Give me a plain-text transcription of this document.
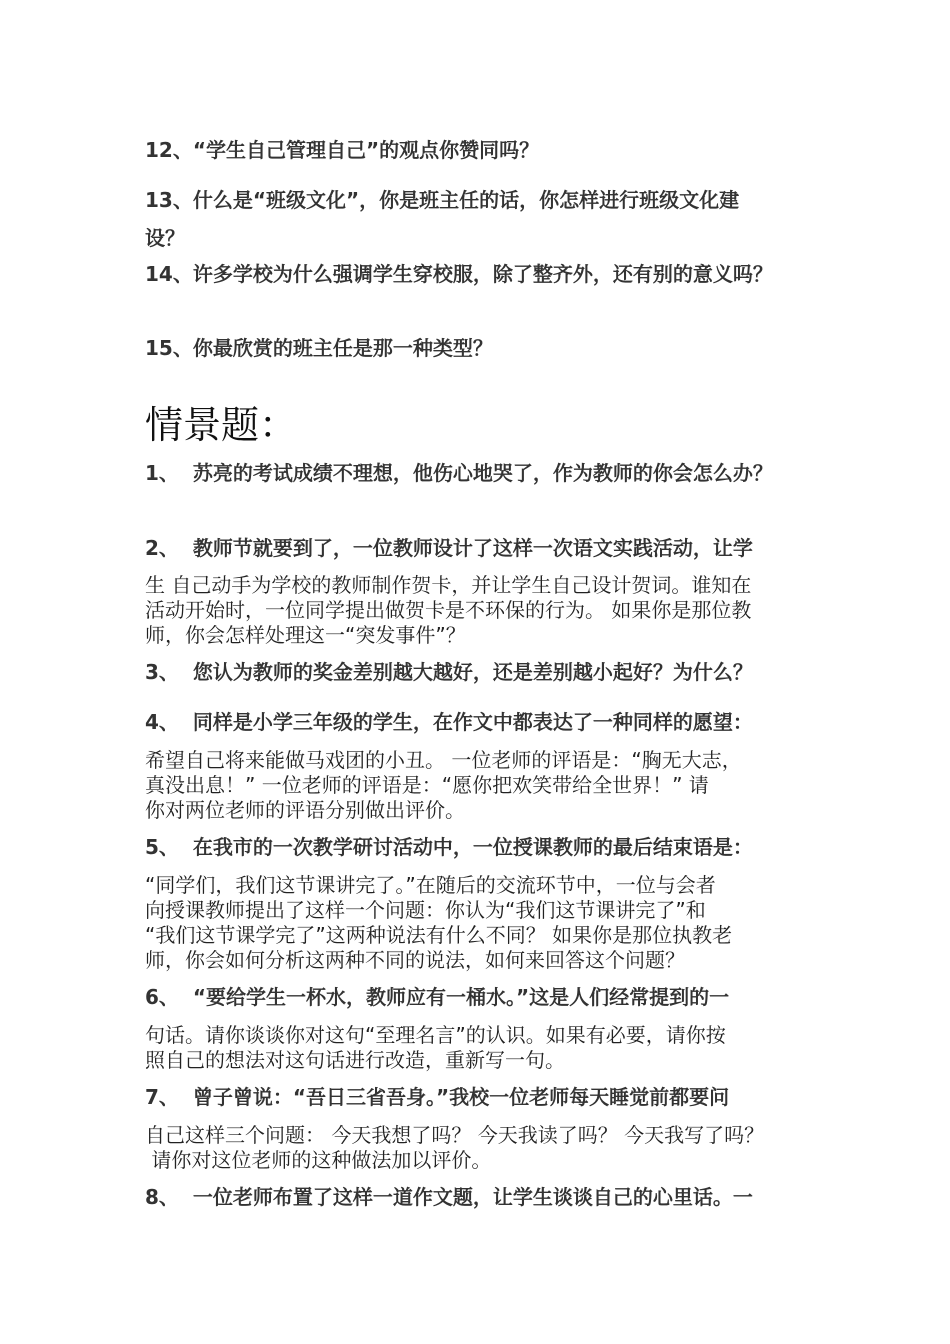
12、“学生自己管理自己”的观点你赞同吗？
13、什么是“班级文化”，你是班主任的话，你怎样进行班级文化建
设？
14、许多学校为什么强调学生穿校服，除了整齐外，还有别的意义吗？
15、你最欣赏的班主任是那一种类型？
情景题：
1、  苏亮的考试成绩不理想，他伤心地哭了，作为教师的你会怎么办？
2、  教师节就要到了，一位教师设计了这样一次语文实践活动，让学
生 自己动手为学校的教师制作贺卡，并让学生自己设计贺词。谁知在
活动开始时，一位同学提出做贺卡是不环保的行为。 如果你是那位教
师，你会怎样处理这一“突发事件”？
3、  您认为教师的奖金差别越大越好，还是差别越小起好？为什么？
4、  同样是小学三年级的学生，在作文中都表达了一种同样的愿望：
希望自己将来能做马戏团的小丑。 一位老师的评语是：“胸无大志，
真没出息！” 一位老师的评语是：“愿你把欢笑带给全世界！” 请
你对两位老师的评语分别做出评价。
5、  在我市的一次教学研讨活动中，一位授课教师的最后结束语是：
“同学们，我们这节课讲完了。”在随后的交流环节中，一位与会者
向授课教师提出了这样一个问题：你认为“我们这节课讲完了”和
“我们这节课学完了”这两种说法有什么不同？ 如果你是那位执教老
师，你会如何分析这两种不同的说法，如何来回答这个问题？
6、  “要给学生一杯水，教师应有一桶水。”这是人们经常提到的一
句话。请你谈谈你对这句“至理名言”的认识。如果有必要，请你按
照自己的想法对这句话进行改造，重新写一句。
7、  曾子曾说：“吾日三省吾身。”我校一位老师每天睡觉前都要问
自己这样三个问题： 今天我想了吗？ 今天我读了吗？ 今天我写了吗？
请你对这位老师的这种做法加以评价。
8、  一位老师布置了这样一道作文题，让学生谈谈自己的心里话。一
